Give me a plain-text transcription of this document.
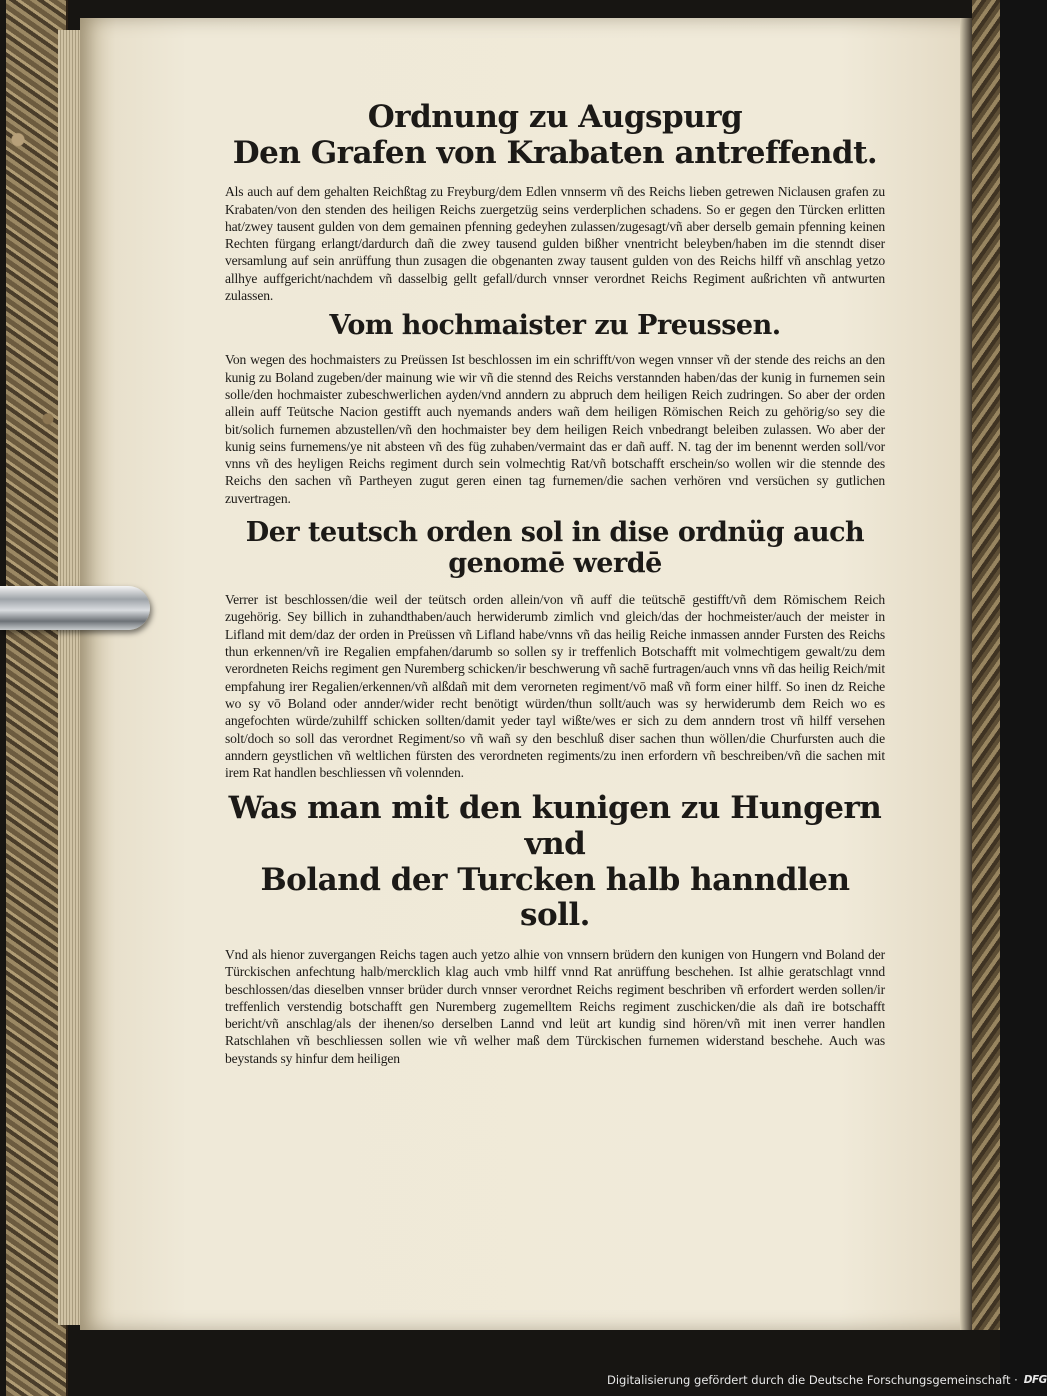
Ordnung zu Augspurg
Den Grafen von Krabaten antreffendt.

Als auch auf dem gehalten Reichßtag zu Freyburg/dem Edlen vnnserm vñ des Reichs lieben getrewen Niclausen grafen zu Krabaten/von den stenden des heiligen Reichs zuergetzüg seins verderplichen schadens. So er gegen den Türcken erlitten hat/zwey tausent gulden von dem gemainen pfenning gedeyhen zulassen/zugesagt/vñ aber derselb gemain pfenning keinen Rechten fürgang erlangt/dardurch dañ die zwey tausend gulden bißher vnentricht beleyben/haben im die stenndt diser versamlung auf sein anrüffung thun zusagen die obgenanten zway tausent gulden von des Reichs hilff vñ anschlag yetzo allhye auffgericht/nachdem vñ dasselbig gellt gefall/durch vnnser verordnet Reichs Regiment außrichten vñ antwurten zulassen.

Vom hochmaister zu Preussen.

Von wegen des hochmaisters zu Preüssen Ist beschlossen im ein schrifft/von wegen vnnser vñ der stende des reichs an den kunig zu Boland zugeben/der mainung wie wir vñ die stennd des Reichs verstannden haben/das der kunig in furnemen sein solle/den hochmaister zubeschwerlichen ayden/vnd anndern zu abpruch dem heiligen Reich zudringen. So aber der orden allein auff Teütsche Nacion gestifft auch nyemands anders wañ dem heiligen Römischen Reich zu gehörig/so sey die bit/solich furnemen abzustellen/vñ den hochmaister bey dem heiligen Reich vnbedrangt beleiben zulassen. Wo aber der kunig seins furnemens/ye nit absteen vñ des füg zuhaben/vermaint das er dañ auff. N. tag der im benennt werden soll/vor vnns vñ des heyligen Reichs regiment durch sein volmechtig Rat/vñ botschafft erschein/so wollen wir die stennde des Reichs den sachen vñ Partheyen zugut geren einen tag furnemen/die sachen verhören vnd versüchen sy gutlichen zuvertragen.

Der teutsch orden sol in dise ordnüg auch genomē werdē

Verrer ist beschlossen/die weil der teütsch orden allein/von vñ auff die teütschē gestifft/vñ dem Römischem Reich zugehörig. Sey billich in zuhandthaben/auch herwiderumb zimlich vnd gleich/das der hochmeister/auch der meister in Lifland mit dem/daz der orden in Preüssen vñ Lifland habe/vnns vñ das heilig Reiche inmassen annder Fursten des Reichs thun erkennen/vñ ire Regalien empfahen/darumb so sollen sy ir treffenlich Botschafft mit volmechtigem gewalt/zu dem verordneten Reichs regiment gen Nuremberg schicken/ir beschwerung vñ sachē furtragen/auch vnns vñ das heilig Reich/mit empfahung irer Regalien/erkennen/vñ alßdañ mit dem verorneten regiment/vō maß vñ form einer hilff. So inen dz Reiche wo sy vō Boland oder annder/wider recht benötigt würden/thun sollt/auch was sy herwiderumb dem Reich wo es angefochten würde/zuhilff schicken sollten/damit yeder tayl wißte/wes er sich zu dem anndern trost vñ hilff versehen solt/doch so soll das verordnet Regiment/so vñ wañ sy den beschluß diser sachen thun wöllen/die Churfursten auch die anndern geystlichen vñ weltlichen fürsten des verordneten regiments/zu inen erfordern vñ beschreiben/vñ die sachen mit irem Rat handlen beschliessen vñ volennden.

Was man mit den kunigen zu Hungern vnd
Boland der Turcken halb hanndlen soll.

Vnd als hienor zuvergangen Reichs tagen auch yetzo alhie von vnnsern brüdern den kunigen von Hungern vnd Boland der Türckischen anfechtung halb/mercklich klag auch vmb hilff vnnd Rat anrüffung beschehen. Ist alhie geratschlagt vnnd beschlossen/das dieselben vnnser brüder durch vnnser verordnet Reichs regiment beschriben vñ erfordert werden sollen/ir treffenlich verstendig botschafft gen Nuremberg zugemelltem Reichs regiment zuschicken/die als dañ ire botschafft bericht/vñ anschlag/als der ihenen/so derselben Lannd vnd leüt art kundig sind hören/vñ mit inen verrer handlen Ratschlahen vñ beschliessen sollen wie vñ welher maß dem Türckischen furnemen widerstand beschehe. Auch was beystands sy hinfur dem heiligen

Digitalisierung gefördert durch die Deutsche Forschungsgemeinschaft · DFG
